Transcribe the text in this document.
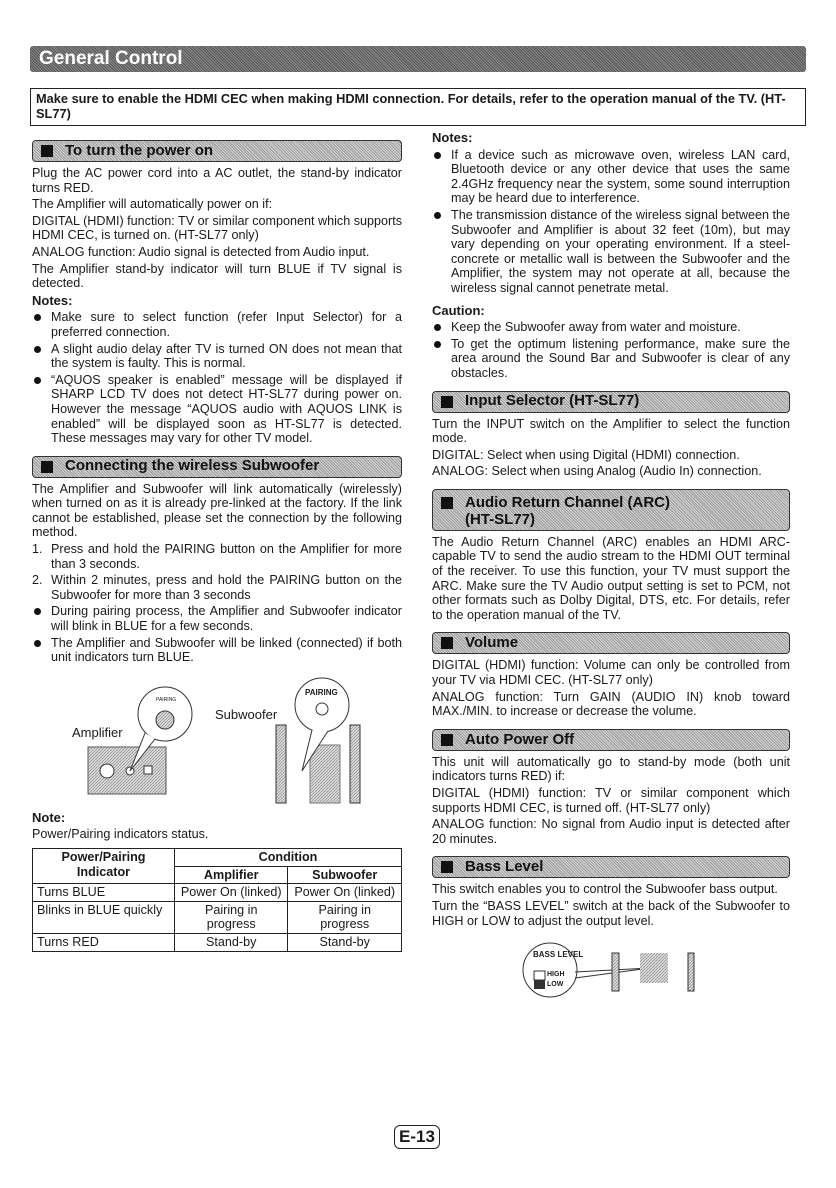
General Control
Make sure to enable the HDMI CEC when making HDMI connection. For details, refer to the operation manual of the TV. (HT-SL77)
To turn the power on

Plug the AC power cord into a AC outlet, the stand-by indicator turns RED.

The Amplifier will automatically power on if:

DIGITAL (HDMI) function: TV or similar component which supports HDMI CEC, is turned on. (HT-SL77 only)

ANALOG function: Audio signal is detected from Audio input.

The Amplifier stand-by indicator will turn BLUE if TV signal is detected.

Notes:
Make sure to select function (refer Input Selector) for a preferred connection.
A slight audio delay after TV is turned ON does not mean that the system is faulty. This is normal.
“AQUOS speaker is enabled” message will be displayed if SHARP LCD TV does not detect HT-SL77 during power on. However the message “AQUOS audio with AQUOS LINK is enabled” will be displayed soon as HT-SL77 is detected. These messages may vary for other TV model.
Connecting the wireless Subwoofer

The Amplifier and Subwoofer will link automatically (wirelessly) when turned on as it is already pre-linked at the factory. If the link cannot be established, please set the connection by the following method.

1. Press and hold the PAIRING button on the Amplifier for more than 3 seconds.
2. Within 2 minutes, press and hold the PAIRING button on the Subwoofer for more than 3 seconds
During pairing process, the Amplifier and Subwoofer indicator will blink in BLUE for a few seconds.
The Amplifier and Subwoofer will be linked (connected) if both unit indicators turn BLUE.
Amplifier
Subwoofer
PAIRING
PAIRING
Note:

Power/Pairing indicators status.

Power/Pairing Indicator	Condition	
	Amplifier	Subwoofer
Turns BLUE	Power On (linked)	Power On (linked)
Blinks in BLUE quickly	Pairing in progress	Pairing in progress
Turns RED	Stand-by	Stand-by
Notes:
If a device such as microwave oven, wireless LAN card, Bluetooth device or any other device that uses the same 2.4GHz frequency near the system, some sound interruption may be heard due to interference.
The transmission distance of the wireless signal between the Subwoofer and Amplifier is about 32 feet (10m), but may vary depending on your operating environment. If a steel-concrete or metallic wall is between the Subwoofer and the Amplifier, the system may not operate at all, because the wireless signal cannot penetrate metal.
Caution:
Keep the Subwoofer away from water and moisture.
To get the optimum listening performance, make sure the area around the Sound Bar and Subwoofer is clear of any obstacles.
Input Selector (HT-SL77)

Turn the INPUT switch on the Amplifier to select the function mode.

DIGITAL: Select when using Digital (HDMI) connection.

ANALOG: Select when using Analog (Audio In) connection.

Audio Return Channel (ARC)
(HT-SL77)

The Audio Return Channel (ARC) enables an HDMI ARC-capable TV to send the audio stream to the HDMI OUT terminal of the receiver. To use this function, your TV must support the ARC. Make sure the TV Audio output setting is set to PCM, not other formats such as Dolby Digital, DTS, etc. For details, refer to the operation manual of the TV.

Volume

DIGITAL (HDMI) function: Volume can only be controlled from your TV via HDMI CEC. (HT-SL77 only)

ANALOG function: Turn GAIN (AUDIO IN) knob toward MAX./MIN. to increase or decrease the volume.

Auto Power Off

This unit will automatically go to stand-by mode (both unit indicators turns RED) if:

DIGITAL (HDMI) function: TV or similar component which supports HDMI CEC, is turned off. (HT-SL77 only)

ANALOG function: No signal from Audio input is detected after 20 minutes.

Bass Level

This switch enables you to control the Subwoofer bass output.

Turn the “BASS LEVEL” switch at the back of the Subwoofer to HIGH or LOW to adjust the output level.

BASS LEVEL
HIGH
LOW
E-13
